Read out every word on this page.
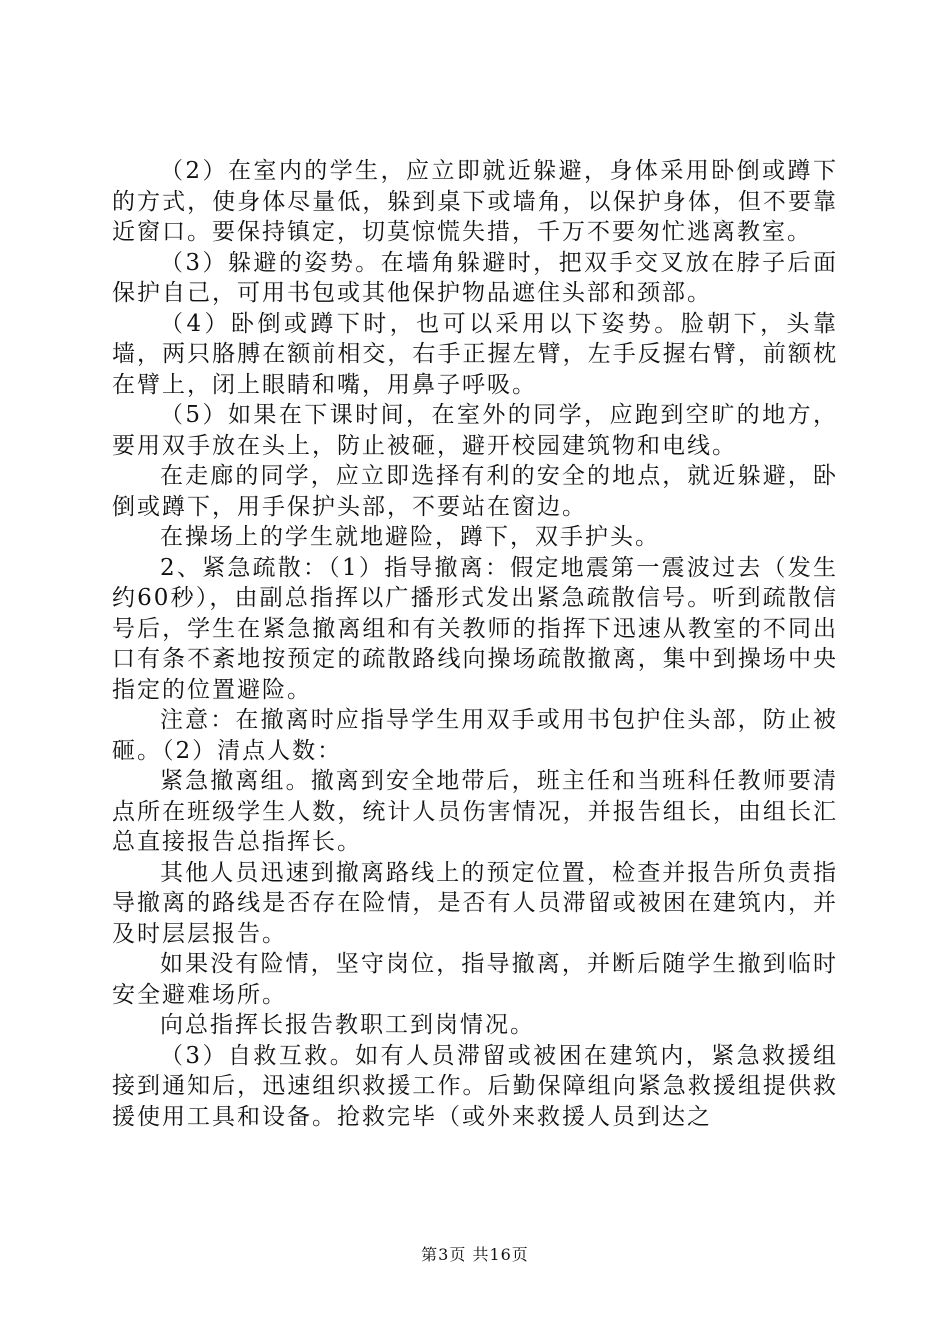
（2）在室内的学生，应立即就近躲避，身体采用卧倒或蹲下的方式，使身体尽量低，躲到桌下或墙角，以保护身体，但不要靠近窗口。要保持镇定，切莫惊慌失措，千万不要匆忙逃离教室。

（3）躲避的姿势。在墙角躲避时，把双手交叉放在脖子后面保护自己，可用书包或其他保护物品遮住头部和颈部。

（4）卧倒或蹲下时，也可以采用以下姿势。脸朝下，头靠墙，两只胳膊在额前相交，右手正握左臂，左手反握右臂，前额枕在臂上，闭上眼睛和嘴，用鼻子呼吸。

（5）如果在下课时间，在室外的同学，应跑到空旷的地方，要用双手放在头上，防止被砸，避开校园建筑物和电线。

在走廊的同学，应立即选择有利的安全的地点，就近躲避，卧倒或蹲下，用手保护头部，不要站在窗边。

在操场上的学生就地避险，蹲下，双手护头。

2、紧急疏散：（1）指导撤离：假定地震第一震波过去（发生约60秒），由副总指挥以广播形式发出紧急疏散信号。听到疏散信号后，学生在紧急撤离组和有关教师的指挥下迅速从教室的不同出口有条不紊地按预定的疏散路线向操场疏散撤离，集中到操场中央指定的位置避险。

注意：在撤离时应指导学生用双手或用书包护住头部，防止被砸。（2）清点人数：

紧急撤离组。撤离到安全地带后，班主任和当班科任教师要清点所在班级学生人数，统计人员伤害情况，并报告组长，由组长汇总直接报告总指挥长。

其他人员迅速到撤离路线上的预定位置，检查并报告所负责指导撤离的路线是否存在险情，是否有人员滞留或被困在建筑内，并及时层层报告。

如果没有险情，坚守岗位，指导撤离，并断后随学生撤到临时安全避难场所。

向总指挥长报告教职工到岗情况。

（3）自救互救。如有人员滞留或被困在建筑内，紧急救援组接到通知后，迅速组织救援工作。后勤保障组向紧急救援组提供救援使用工具和设备。抢救完毕（或外来救援人员到达之

第3页 共16页
